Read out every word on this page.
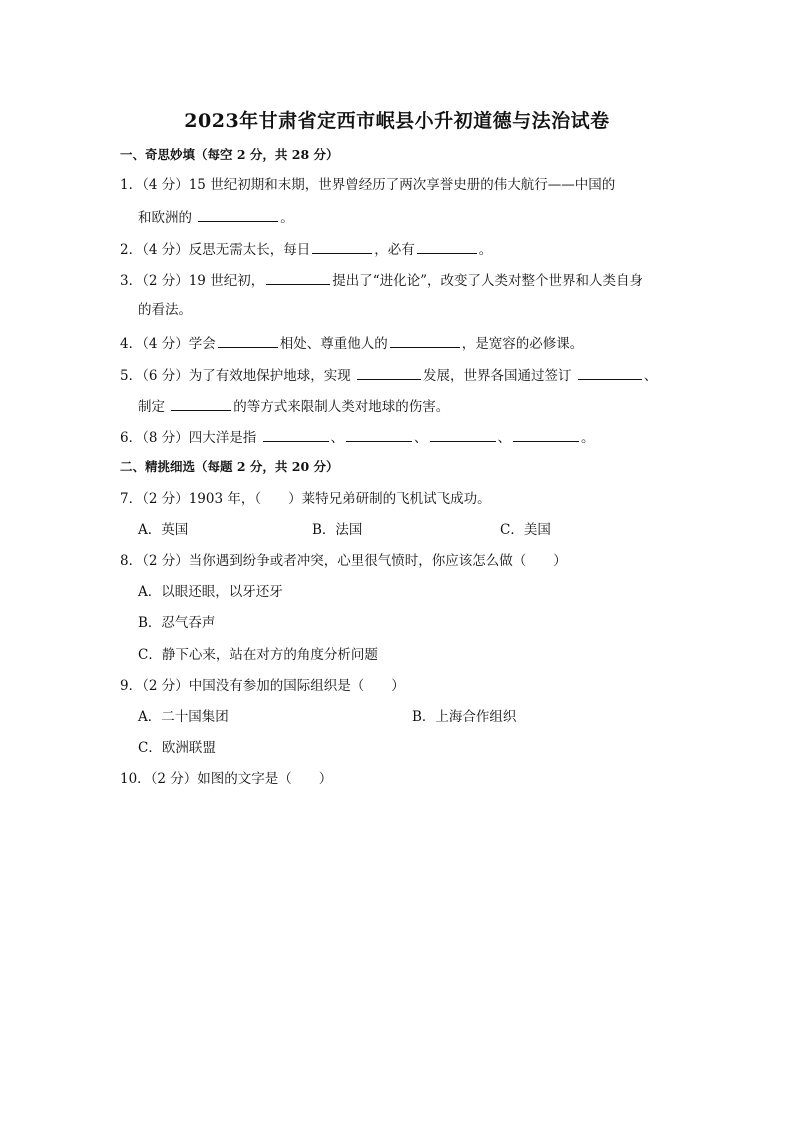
2023年甘肃省定西市岷县小升初道德与法治试卷
一、奇思妙填（每空 2 分，共 28 分）
1．（4 分）15 世纪初期和末期，世界曾经历了两次享誉史册的伟大航行——中国的
和欧洲的	。
2．（4 分）反思无需太长，每日	，必有	。
3．（2 分）19 世纪初，	提出了“进化论”，改变了人类对整个世界和人类自身
的看法。
4．（4 分）学会	相处、尊重他人的	，是宽容的必修课。
5．（6 分）为了有效地保护地球，实现	发展，世界各国通过签订	、
制定	的等方式来限制人类对地球的伤害。
6．（8 分）四大洋是指	、	、	、	。
二、精挑细选（每题 2 分，共 20 分）
7．（2 分）1903 年，（　　）莱特兄弟研制的飞机试飞成功。
A．英国	B．法国	C．美国
8．（2 分）当你遇到纷争或者冲突，心里很气愤时，你应该怎么做（　　）
A．以眼还眼，以牙还牙
B．忍气吞声
C．静下心来，站在对方的角度分析问题
9．（2 分）中国没有参加的国际组织是（　　）
A．二十国集团	B．上海合作组织
C．欧洲联盟
10．（2 分）如图的文字是（　　）
